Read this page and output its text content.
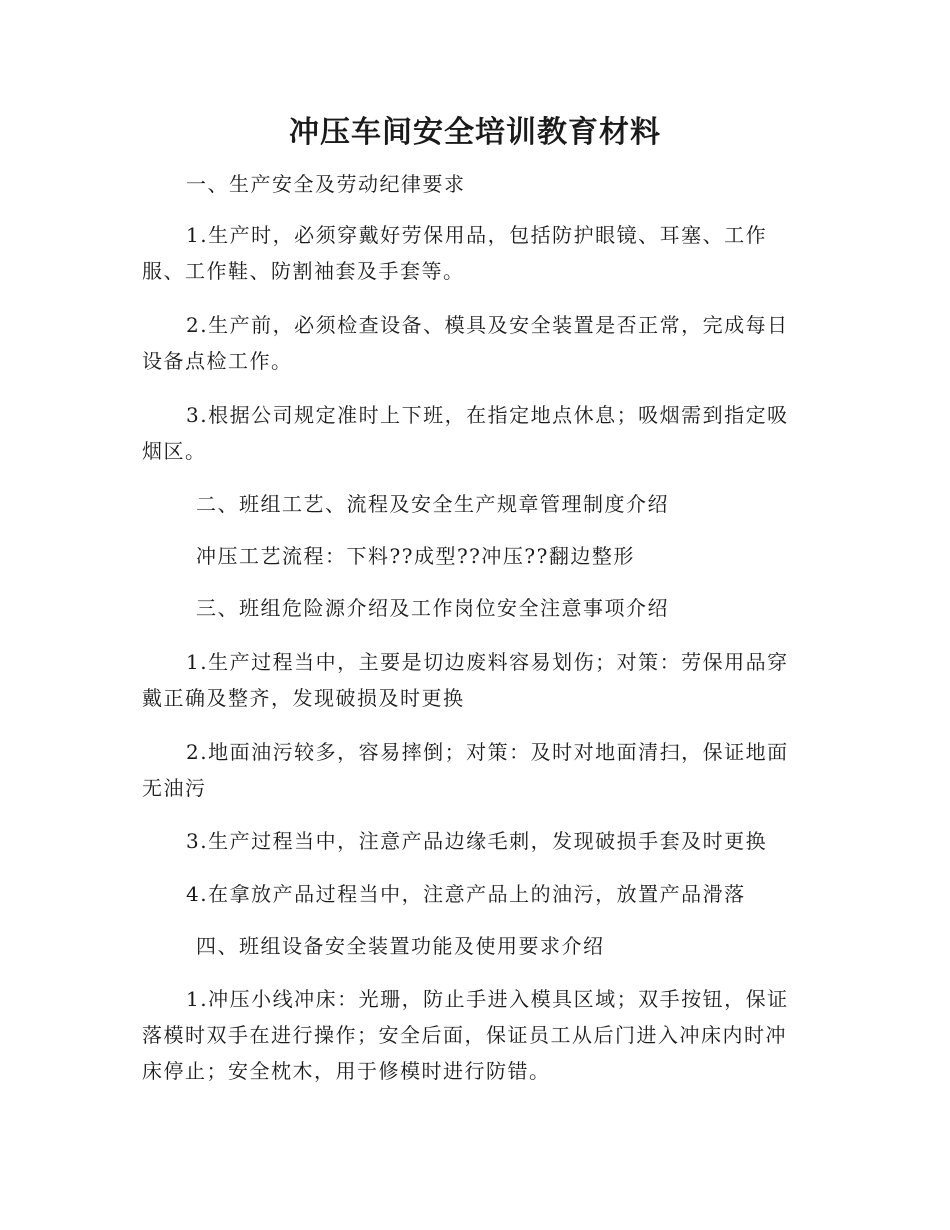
冲压车间安全培训教育材料

一、生产安全及劳动纪律要求

1.生产时，必须穿戴好劳保用品，包括防护眼镜、耳塞、工作

服、工作鞋、防割袖套及手套等。

2.生产前，必须检查设备、模具及安全装置是否正常，完成每日

设备点检工作。

3.根据公司规定准时上下班，在指定地点休息；吸烟需到指定吸

烟区。

二、班组工艺、流程及安全生产规章管理制度介绍

冲压工艺流程：下料??成型??冲压??翻边整形

三、班组危险源介绍及工作岗位安全注意事项介绍

1.生产过程当中，主要是切边废料容易划伤；对策：劳保用品穿

戴正确及整齐，发现破损及时更换

2.地面油污较多，容易摔倒；对策：及时对地面清扫，保证地面

无油污

3.生产过程当中，注意产品边缘毛刺，发现破损手套及时更换

4.在拿放产品过程当中，注意产品上的油污，放置产品滑落

四、班组设备安全装置功能及使用要求介绍

1.冲压小线冲床：光珊，防止手进入模具区域；双手按钮，保证

落模时双手在进行操作；安全后面，保证员工从后门进入冲床内时冲

床停止；安全枕木，用于修模时进行防错。
